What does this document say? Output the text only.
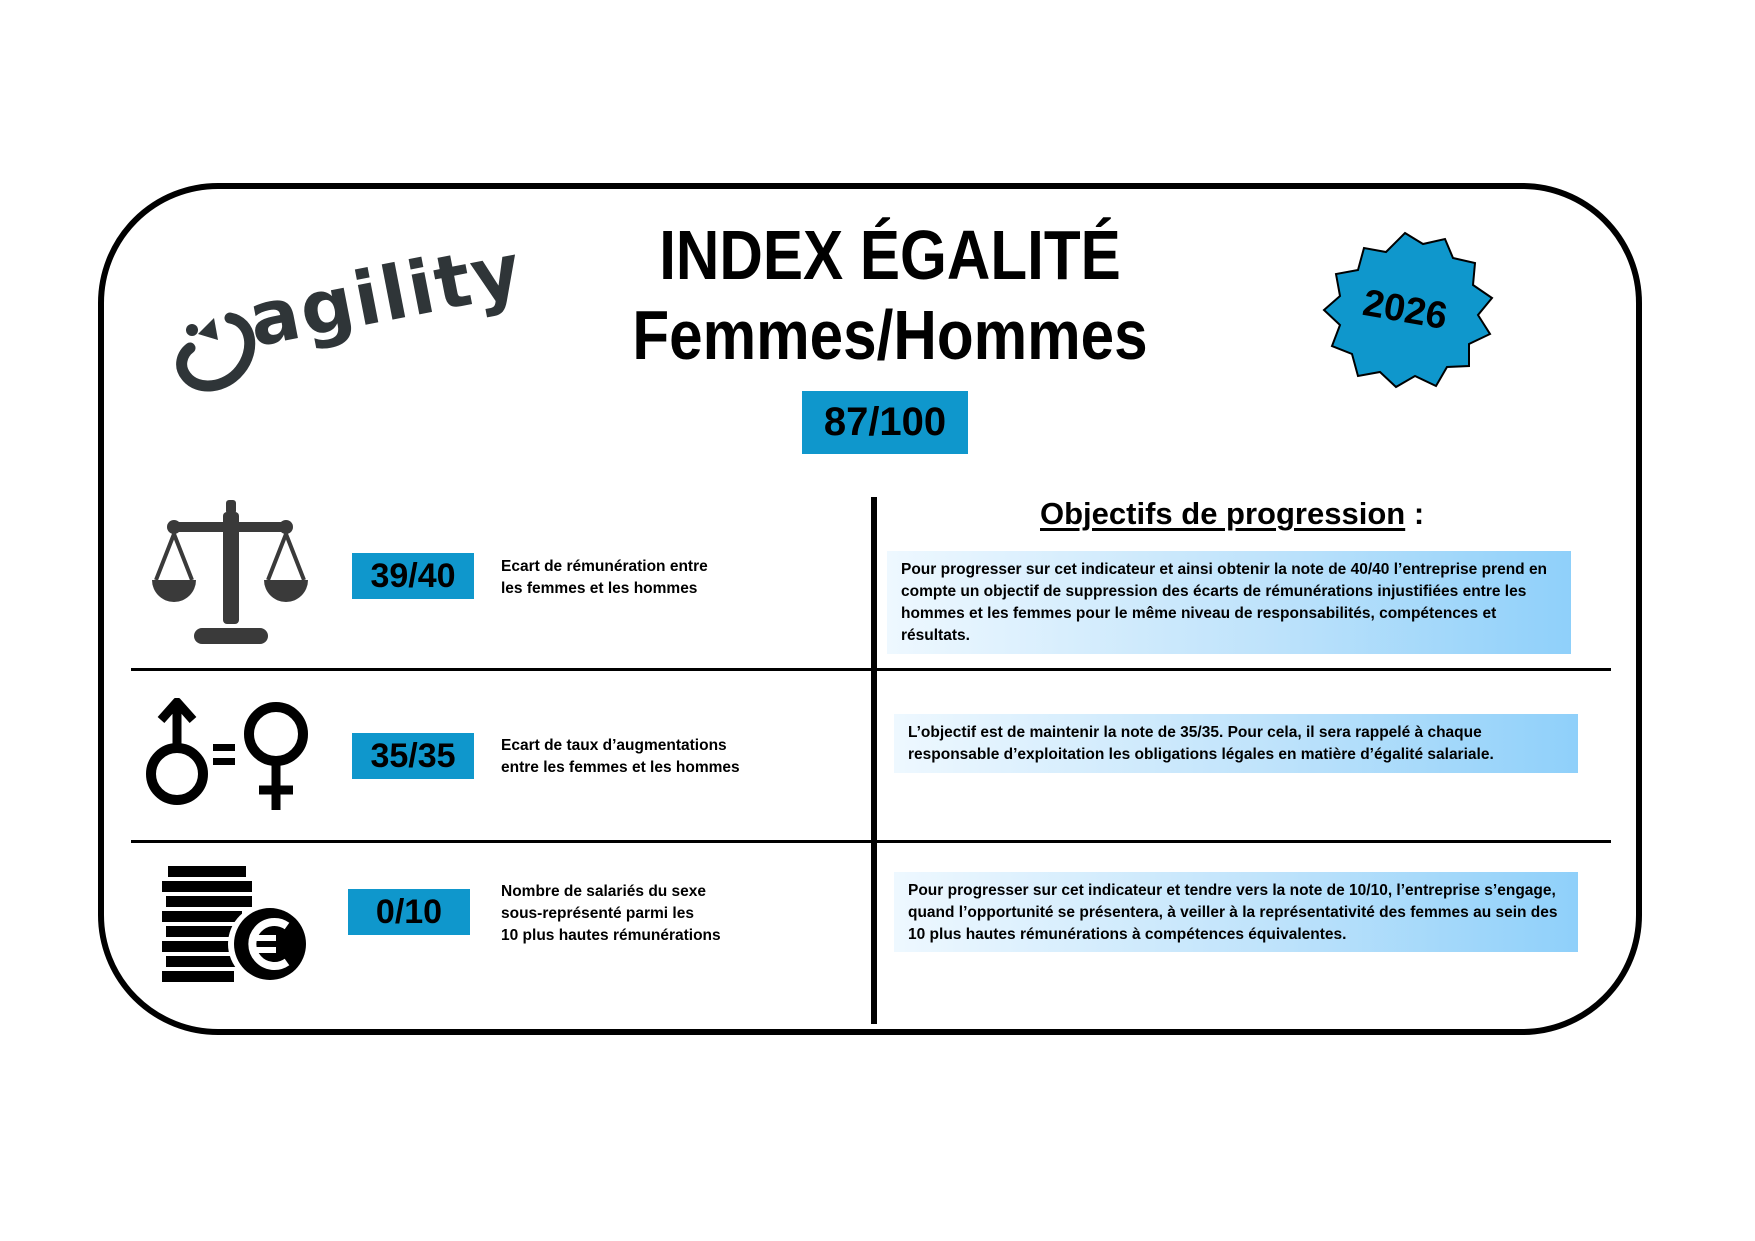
agility	INDEX ÉGALITÉ
Femmes/Hommes
87/100
2026
Objectifs de progression :
39/40	Ecart de rémunération entre
les femmes et les hommes
Pour progresser sur cet indicateur et ainsi obtenir la note de 40/40 l’entreprise prend en compte un objectif de suppression des écarts de rémunérations injustifiées entre les hommes et les femmes pour le même niveau de responsabilités, compétences et résultats.
35/35	Ecart de taux d’augmentations
entre les femmes et les hommes
L’objectif est de maintenir la note de 35/35. Pour cela, il sera rappelé à chaque responsable d’exploitation les obligations légales en matière d’égalité salariale.
0/10
Nombre de salariés du sexe
sous-représenté parmi les
10 plus hautes rémunérations
Pour progresser sur cet indicateur et tendre vers la note de 10/10, l’entreprise s’engage, quand l’opportunité se présentera, à veiller à la représentativité des femmes au sein des 10 plus hautes rémunérations à compétences équivalentes.
